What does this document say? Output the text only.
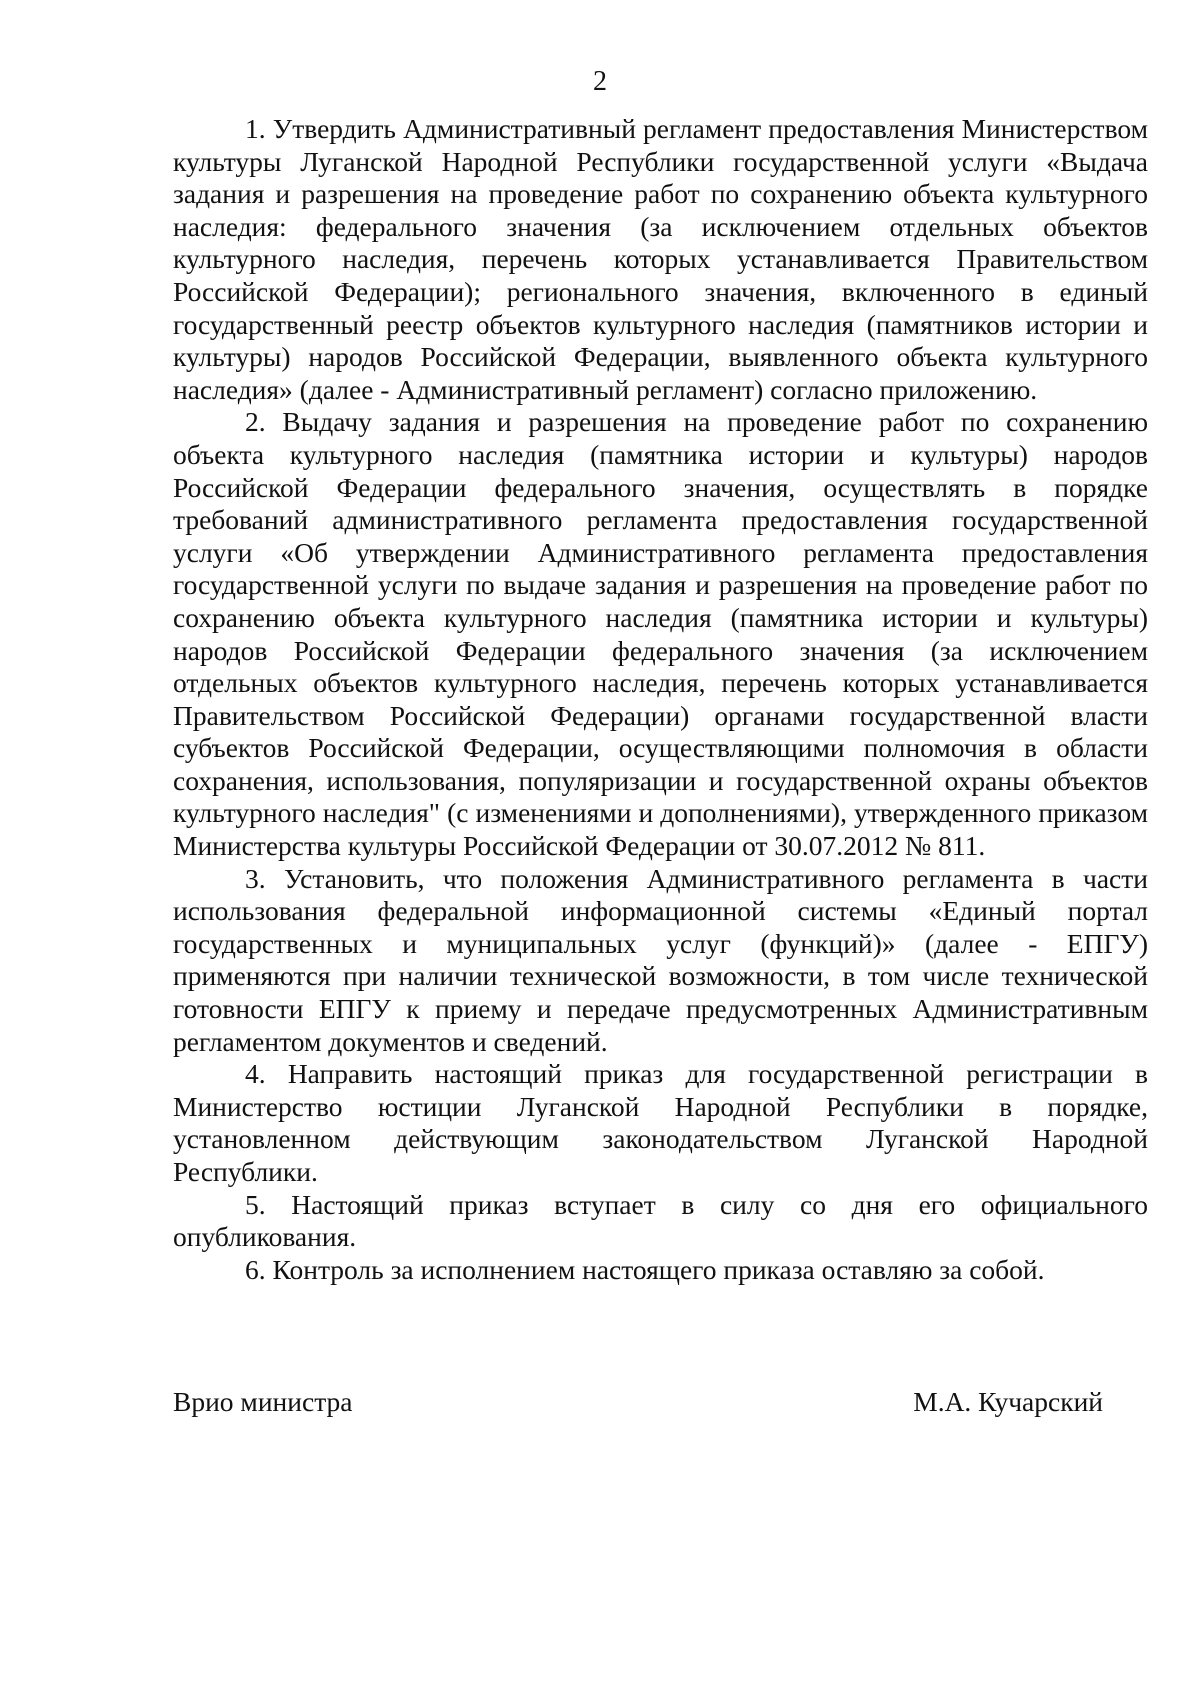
2

1. Утвердить Административный регламент предоставления Министерством культуры Луганской Народной Республики государственной услуги «Выдача задания и разрешения на проведение работ по сохранению объекта культурного наследия: федерального значения (за исключением отдельных объектов культурного наследия, перечень которых устанавливается Правительством Российской Федерации); регионального значения, включенного в единый государственный реестр объектов культурного наследия (памятников истории и культуры) народов Российской Федерации, выявленного объекта культурного наследия» (далее - Административный регламент) согласно приложению.

2. Выдачу задания и разрешения на проведение работ по сохранению объекта культурного наследия (памятника истории и культуры) народов Российской Федерации федерального значения, осуществлять в порядке требований административного регламента предоставления государственной услуги «Об утверждении Административного регламента предоставления государственной услуги по выдаче задания и разрешения на проведение работ по сохранению объекта культурного наследия (памятника истории и культуры) народов Российской Федерации федерального значения (за исключением отдельных объектов культурного наследия, перечень которых устанавливается Правительством Российской Федерации) органами государственной власти субъектов Российской Федерации, осуществляющими полномочия в области сохранения, использования, популяризации и государственной охраны объектов культурного наследия" (с изменениями и дополнениями), утвержденного приказом Министерства культуры Российской Федерации от 30.07.2012 № 811.

3. Установить, что положения Административного регламента в части использования федеральной информационной системы «Единый портал государственных и муниципальных услуг (функций)» (далее - ЕПГУ) применяются при наличии технической возможности, в том числе технической готовности ЕПГУ к приему и передаче предусмотренных Административным регламентом документов и сведений.

4. Направить настоящий приказ для государственной регистрации в Министерство юстиции Луганской Народной Республики в порядке, установленном действующим законодательством Луганской Народной Республики.

5. Настоящий приказ вступает в силу со дня его официального опубликования.

6. Контроль за исполнением настоящего приказа оставляю за собой.

Врио министра	М.А. Кучарский
